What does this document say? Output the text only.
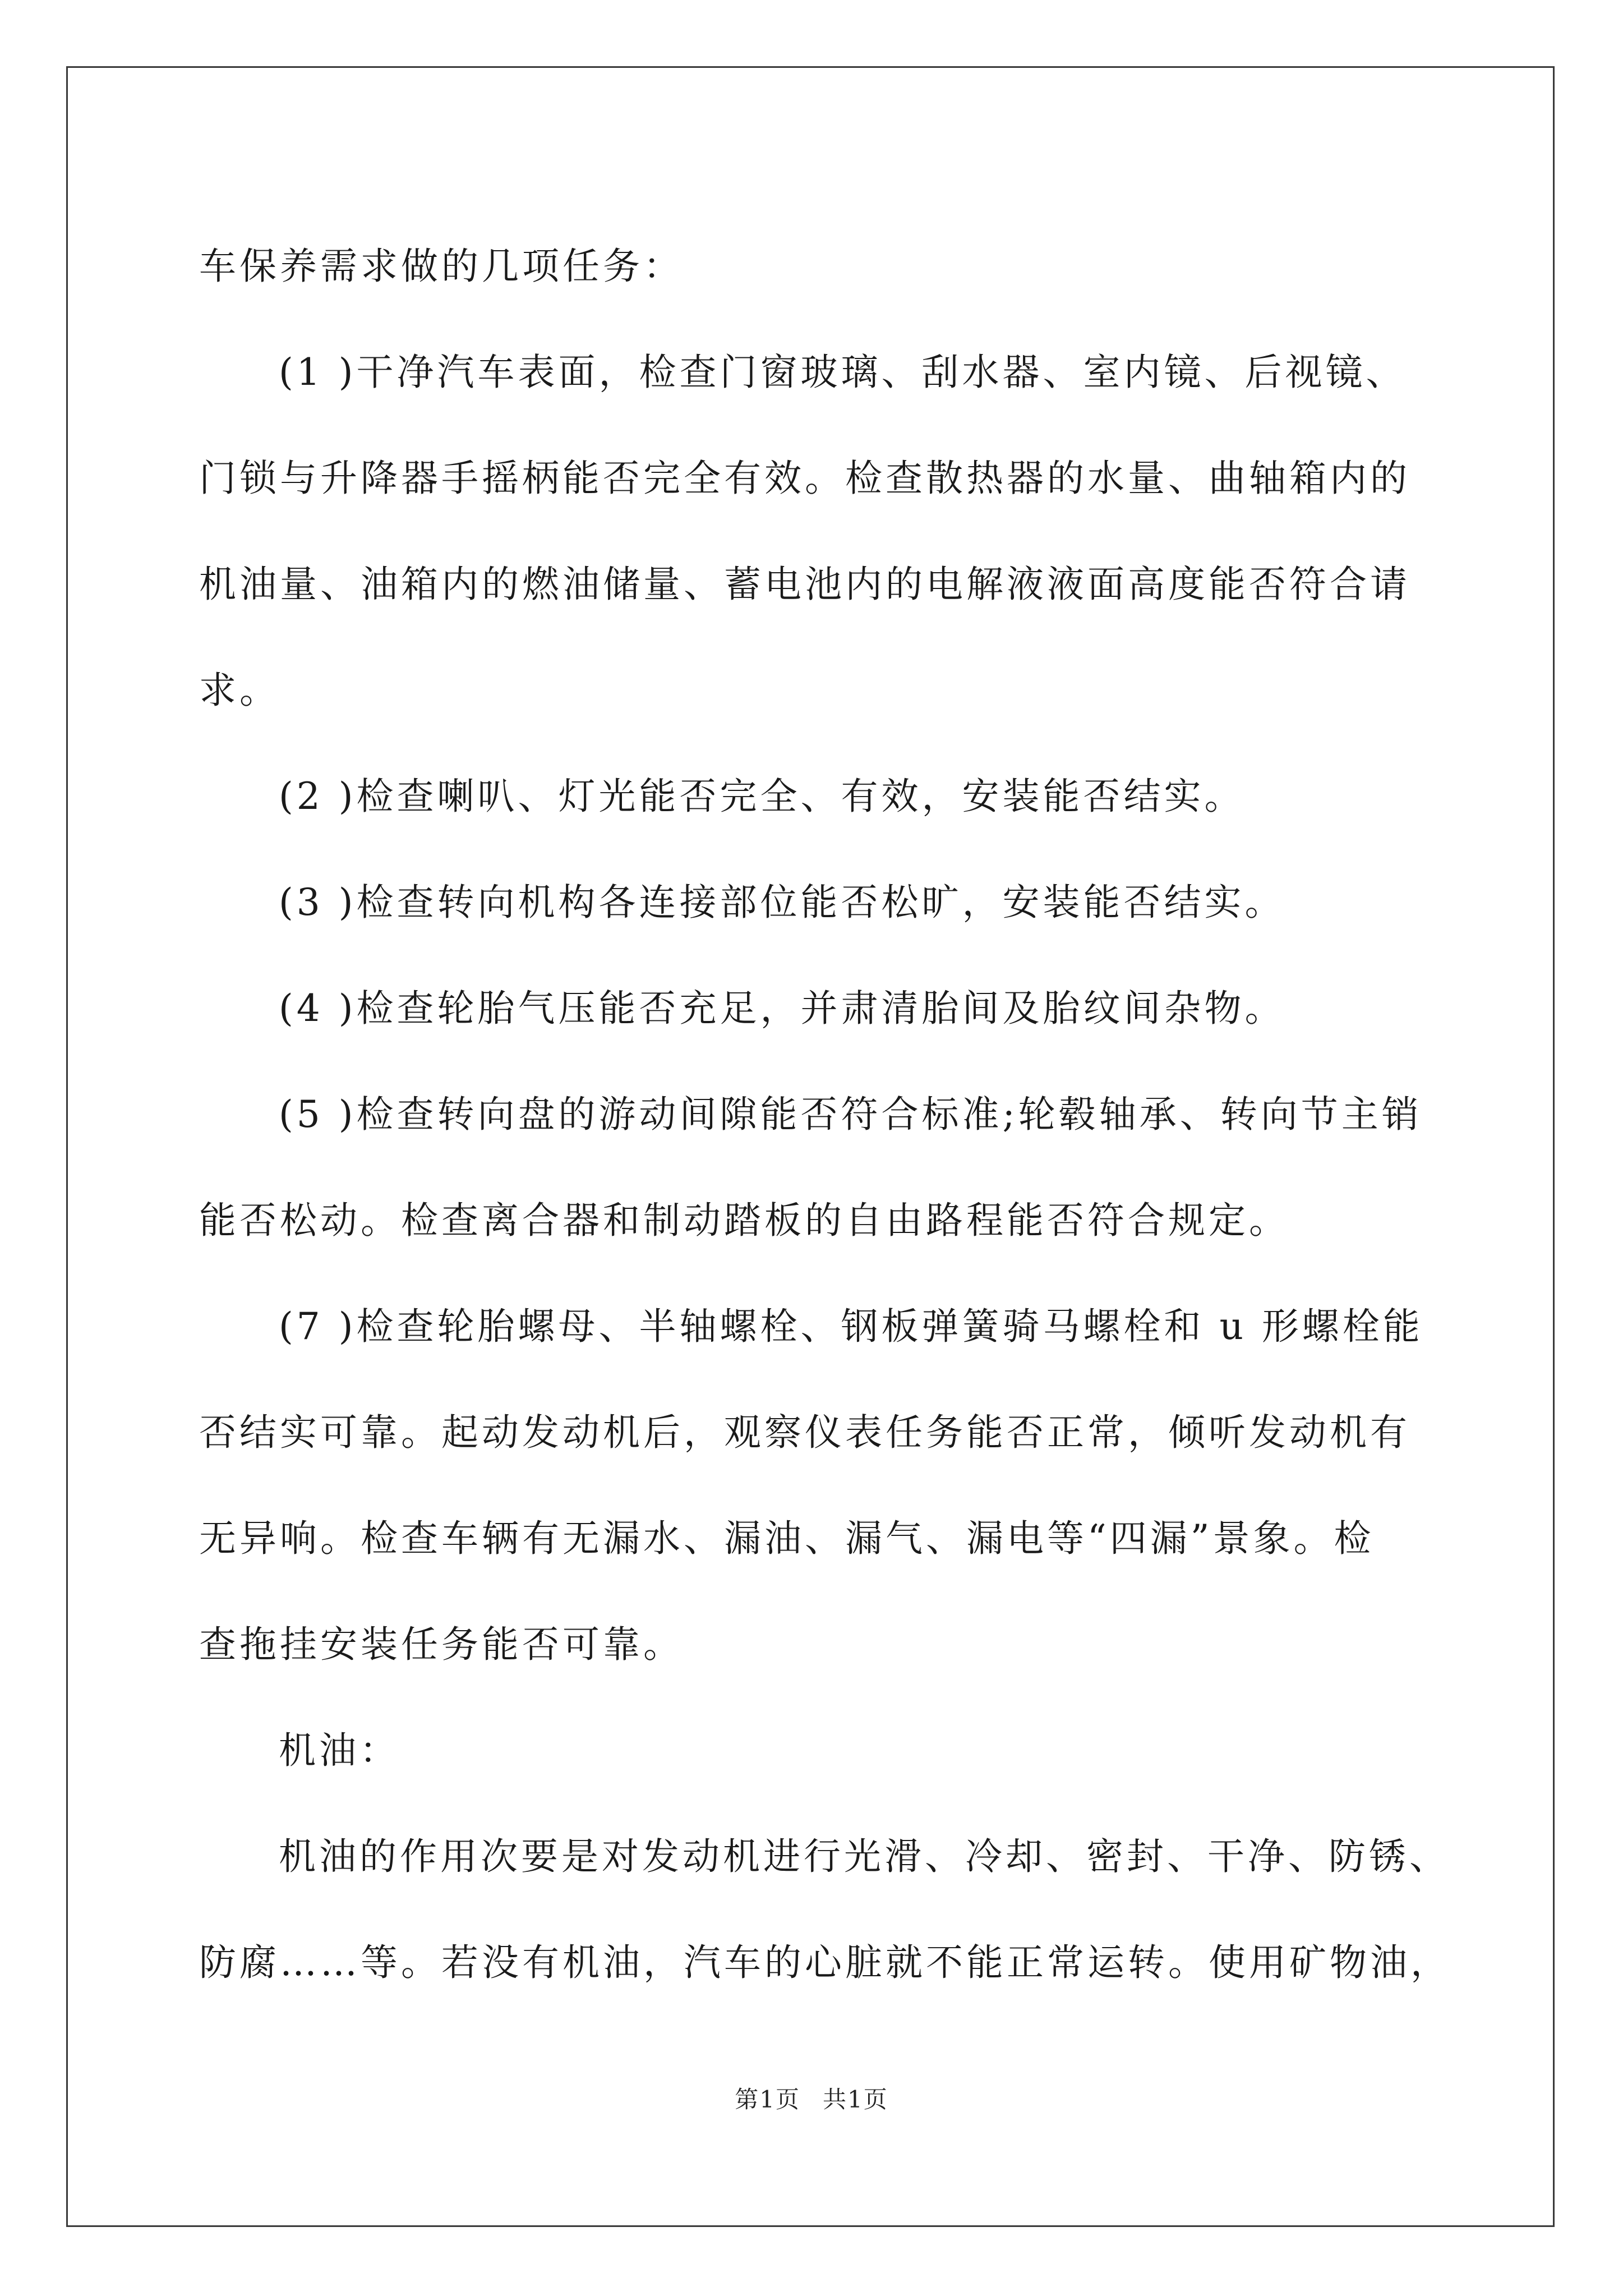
车保养需求做的几项任务：
(1 )干净汽车表面，检查门窗玻璃、刮水器、室内镜、后视镜、
门锁与升降器手摇柄能否完全有效。检查散热器的水量、曲轴箱内的
机油量、油箱内的燃油储量、蓄电池内的电解液液面高度能否符合请
求。
(2 )检查喇叭、灯光能否完全、有效，安装能否结实。
(3 )检查转向机构各连接部位能否松旷，安装能否结实。
(4 )检查轮胎气压能否充足，并肃清胎间及胎纹间杂物。
(5 )检查转向盘的游动间隙能否符合标准;轮毂轴承、转向节主销
能否松动。检查离合器和制动踏板的自由路程能否符合规定。
(7 )检查轮胎螺母、半轴螺栓、钢板弹簧骑马螺栓和 u 形螺栓能
否结实可靠。起动发动机后，观察仪表任务能否正常，倾听发动机有
无异响。检查车辆有无漏水、漏油、漏气、漏电等“四漏”景象。检
查拖挂安装任务能否可靠。
机油：
机油的作用次要是对发动机进行光滑、冷却、密封、干净、防锈、
防腐……等。若没有机油，汽车的心脏就不能正常运转。使用矿物油，
第1页 共1页
